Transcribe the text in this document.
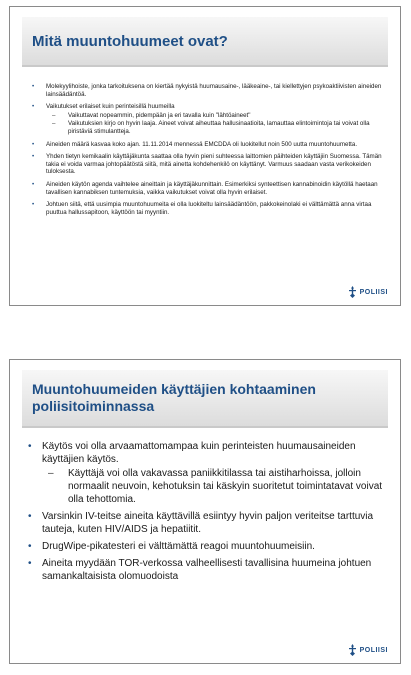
Mitä muuntohuumeet ovat?
• Molekyylihoiste, jonka tarkoituksena on kiertää nykyistä huumausaine-, lääkeaine-, tai kiellettyjen psykoaktiivisten aineiden lainsäädäntöä.
• Vaikutukset erilaiset kuin perinteisillä huumeilla
– Vaikuttavat nopeammin, pidempään ja eri tavalla kuin "lähtöaineet"
– Vaikutuksien kirjo on hyvin laaja. Aineet voivat aiheuttaa hallusinaatioita, lamauttaa elintoimintoja tai voivat olla piristäviä stimulantteja.
• Aineiden määrä kasvaa koko ajan. 11.11.2014 mennessä EMCDDA oli luokitellut noin 500 uutta muuntohuumetta.
• Yhden tietyn kemikaalin käyttäjäkunta saattaa olla hyvin pieni suhteessa laittomien päihteiden käyttäjiin Suomessa. Tämän takia ei voida varmaa johtopäätöstä siitä, mitä ainetta kohdehenkilö on käyttänyt. Varmuus saadaan vasta verikokeiden tuloksesta.
• Aineiden käytön agenda vaihtelee aineittain ja käyttäjäkunnittain. Esimerkiksi synteettisen kannabinoidin käytöllä haetaan tavallisen kannabiksen tuntemuksia, vaikka vaikutukset voivat olla hyvin erilaiset.
• Johtuen siitä, että uusimpia muuntohuumeita ei olla luokiteltu lainsäädäntöön, pakkokeinolaki ei välttämättä anna virtaa puuttua hallussapitoon, käyttöön tai myyntiin.
POLIISI
Muuntohuumeiden käyttäjien kohtaaminen poliisitoiminnassa
• Käytös voi olla arvaamattomampaa kuin perinteisten huumausaineiden käyttäjien käytös.
– Käyttäjä voi olla vakavassa paniikkitilassa tai aistiharhoissa, jolloin normaalit neuvoin, kehotuksin tai käskyin suoritetut toimintatavat voivat olla tehottomia.
• Varsinkin IV-teitse aineita käyttävillä esiintyy hyvin paljon veriteitse tarttuvia tauteja, kuten HIV/AIDS ja hepatiitit.
• DrugWipe-pikatesteri ei välttämättä reagoi muuntohuumeisiin.
• Aineita myydään TOR-verkossa valheellisesti tavallisina huumeina johtuen samankaltaisista olomuodoista
POLIISI
